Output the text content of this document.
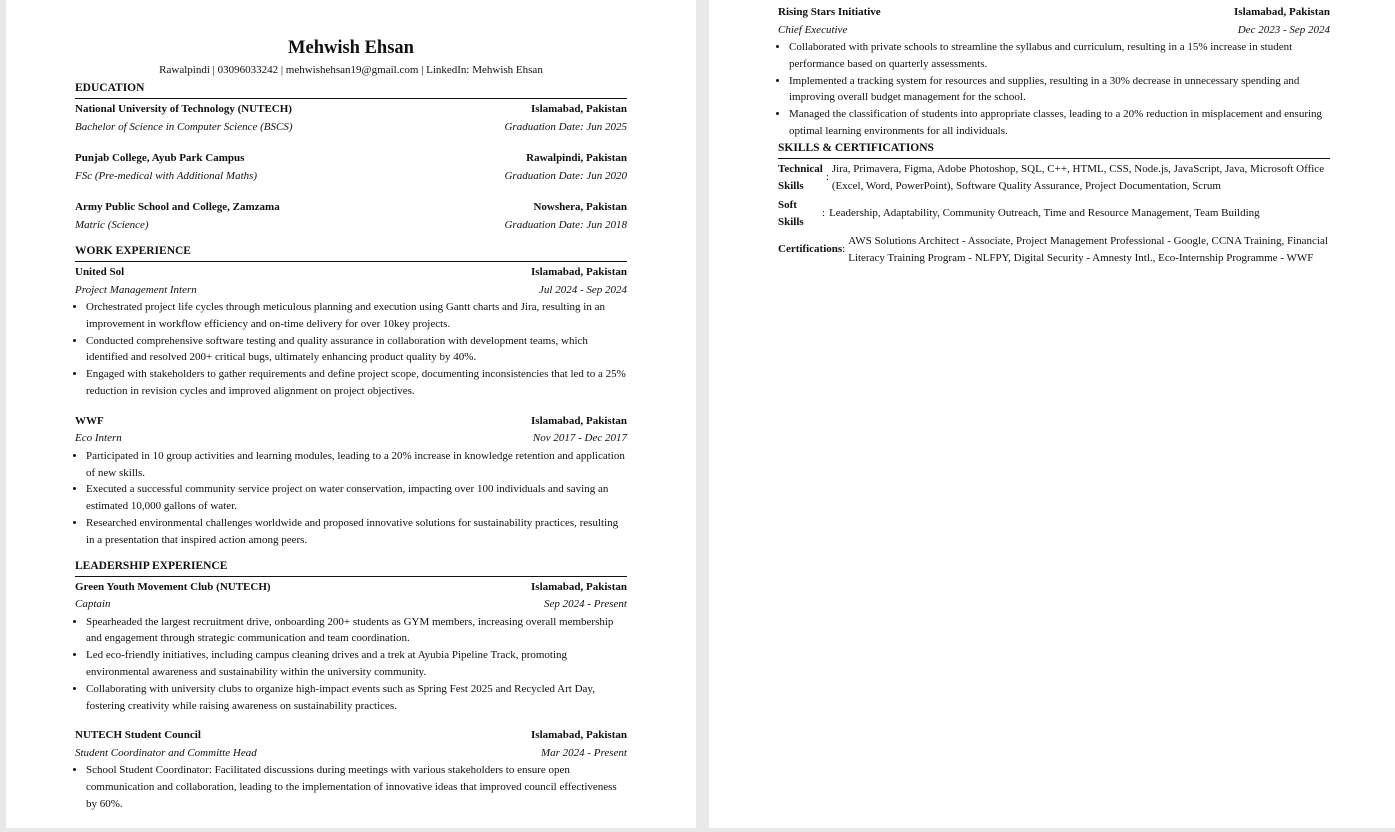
Mehwish Ehsan
Rawalpindi | 03096033242 | mehwishehsan19@gmail.com | LinkedIn: Mehwish Ehsan
EDUCATION
National University of Technology (NUTECH)	Islamabad, Pakistan
Bachelor of Science in Computer Science (BSCS)	Graduation Date: Jun 2025
Punjab College, Ayub Park Campus	Rawalpindi, Pakistan
FSc (Pre-medical with Additional Maths)	Graduation Date: Jun 2020
Army Public School and College, Zamzama	Nowshera, Pakistan
Matric (Science)	Graduation Date: Jun 2018
WORK EXPERIENCE
United Sol	Islamabad, Pakistan
Project Management Intern	Jul 2024 - Sep 2024
• Orchestrated project life cycles through meticulous planning and execution using Gantt charts and Jira, resulting in an improvement in workflow efficiency and on-time delivery for over 10key projects.
• Conducted comprehensive software testing and quality assurance in collaboration with development teams, which identified and resolved 200+ critical bugs, ultimately enhancing product quality by 40%.
• Engaged with stakeholders to gather requirements and define project scope, documenting inconsistencies that led to a 25% reduction in revision cycles and improved alignment on project objectives.
WWF	Islamabad, Pakistan
Eco Intern	Nov 2017 - Dec 2017
• Participated in 10 group activities and learning modules, leading to a 20% increase in knowledge retention and application of new skills.
• Executed a successful community service project on water conservation, impacting over 100 individuals and saving an estimated 10,000 gallons of water.
• Researched environmental challenges worldwide and proposed innovative solutions for sustainability practices, resulting in a presentation that inspired action among peers.
LEADERSHIP EXPERIENCE
Green Youth Movement Club (NUTECH)	Islamabad, Pakistan
Captain	Sep 2024 - Present
• Spearheaded the largest recruitment drive, onboarding 200+ students as GYM members, increasing overall membership and engagement through strategic communication and team coordination.
• Led eco-friendly initiatives, including campus cleaning drives and a trek at Ayubia Pipeline Track, promoting environmental awareness and sustainability within the university community.
• Collaborating with university clubs to organize high-impact events such as Spring Fest 2025 and Recycled Art Day, fostering creativity while raising awareness on sustainability practices.
NUTECH Student Council	Islamabad, Pakistan
Student Coordinator and Committe Head	Mar 2024 - Present
• School Student Coordinator: Facilitated discussions during meetings with various stakeholders to ensure open communication and collaboration, leading to the implementation of innovative ideas that improved council effectiveness by 60%.
Rising Stars Initiative	Islamabad, Pakistan
Chief Executive	Dec 2023 - Sep 2024
• Collaborated with private schools to streamline the syllabus and curriculum, resulting in a 15% increase in student performance based on quarterly assessments.
• Implemented a tracking system for resources and supplies, resulting in a 30% decrease in unnecessary spending and improving overall budget management for the school.
• Managed the classification of students into appropriate classes, leading to a 20% reduction in misplacement and ensuring optimal learning environments for all individuals.
SKILLS & CERTIFICATIONS
Technical Skills
:
Jira, Primavera, Figma, Adobe Photoshop, SQL, C++, HTML, CSS, Node.js, JavaScript, Java, Microsoft Office (Excel, Word, PowerPoint), Software Quality Assurance, Project Documentation, Scrum
Soft Skills
: Leadership, Adaptability, Community Outreach, Time and Resource Management, Team Building
Certifications :
AWS Solutions Architect - Associate, Project Management Professional - Google, CCNA Training, Financial Literacy Training Program - NLFPY, Digital Security - Amnesty Intl., Eco-Internship Programme - WWF
